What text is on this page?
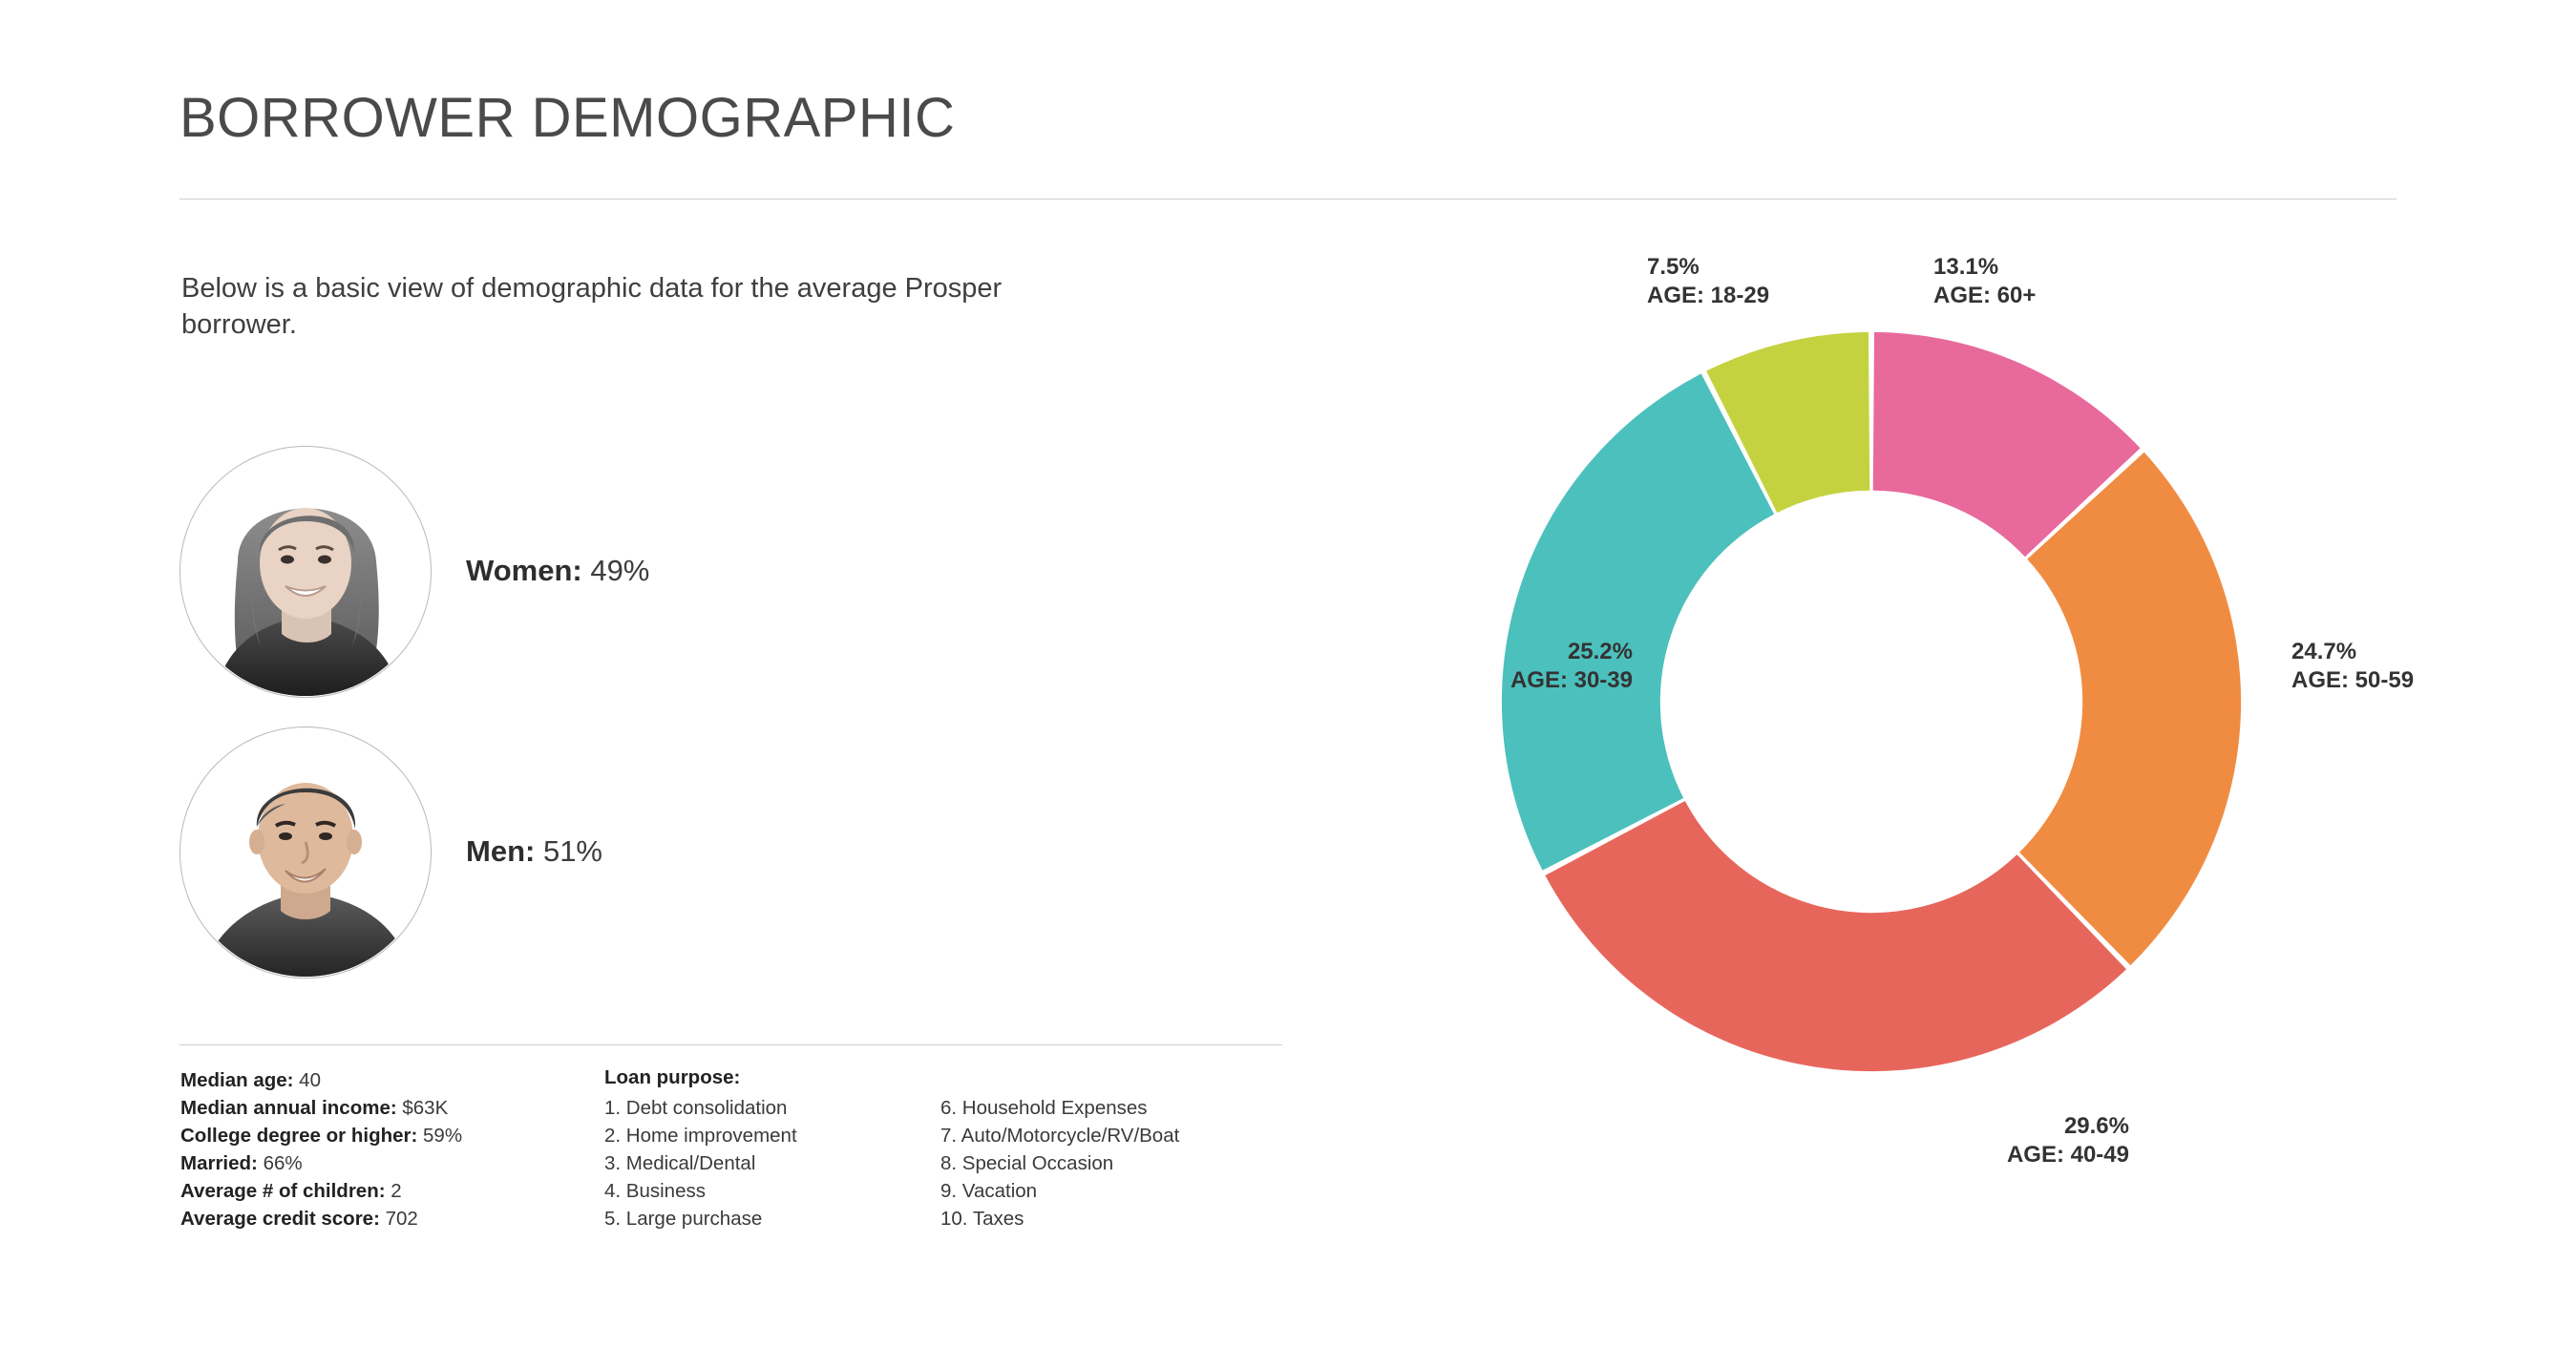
BORROWER DEMOGRAPHIC
Below is a basic view of demographic data for the average Prosper borrower.
Women: 49%
Men: 51%
Median age: 40
Median annual income: $63K
College degree or higher: 59%
Married: 66%
Average # of children: 2
Average credit score: 702
Loan purpose:
1. Debt consolidation
2. Home improvement
3. Medical/Dental
4. Business
5. Large purchase
6. Household Expenses
7. Auto/Motorcycle/RV/Boat
8. Special Occasion
9. Vacation
10. Taxes
7.5%
AGE: 18-29
13.1%
AGE: 60+
24.7%
AGE: 50-59
29.6%
AGE: 40-49
25.2%
AGE: 30-39
